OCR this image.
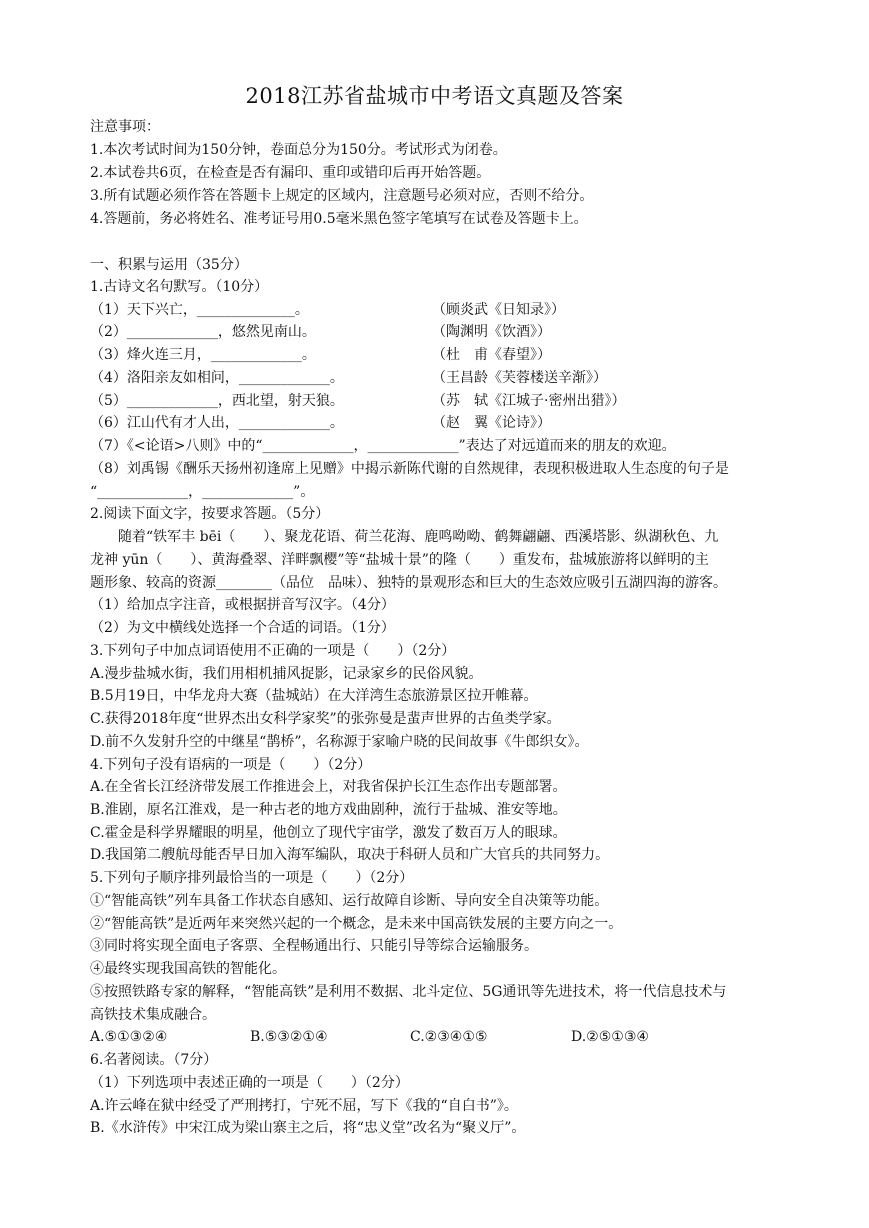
2018江苏省盐城市中考语文真题及答案
注意事项：
1.本次考试时间为150分钟，卷面总分为150分。考试形式为闭卷。
2.本试卷共6页，在检查是否有漏印、重印或错印后再开始答题。
3.所有试题必须作答在答题卡上规定的区域内，注意题号必须对应，否则不给分。
4.答题前，务必将姓名、准考证号用0.5毫米黑色签字笔填写在试卷及答题卡上。
一、积累与运用（35分）
1.古诗文名句默写。（10分）
（1）天下兴亡，______________。	（顾炎武《日知录》）
（2）_____________，悠然见南山。	（陶渊明《饮酒》）
（3）烽火连三月，_____________。	（杜　甫《春望》）
（4）洛阳亲友如相问，_____________。	（王昌龄《芙蓉楼送辛渐》）
（5）_____________，西北望，射天狼。	（苏　轼《江城子·密州出猎》）
（6）江山代有才人出，_____________。	（赵　翼《论诗》）
（7）《<论语>八则》中的“_____________，_____________”表达了对远道而来的朋友的欢迎。
（8）刘禹锡《酬乐天扬州初逢席上见赠》中揭示新陈代谢的自然规律，表现积极进取人生态度的句子是
“_____________，_____________”。
2.阅读下面文字，按要求答题。（5分）
　　随着“铁军丰 bēi（　　）、聚龙花语、荷兰花海、鹿鸣呦呦、鹤舞翩翩、西溪塔影、纵湖秋色、九
龙神 yūn（　　）、黄海叠翠、洋畔飘樱”等“盐城十景”的隆（　　）重发布，盐城旅游将以鲜明的主
题形象、较高的资源________（品位　品味）、独特的景观形态和巨大的生态效应吸引五湖四海的游客。
（1）给加点字注音，或根据拼音写汉字。（4分）
（2）为文中横线处选择一个合适的词语。（1分）
3.下列句子中加点词语使用不正确的一项是（　　）（2分）
A.漫步盐城水街，我们用相机捕风捉影，记录家乡的民俗风貌。
B.5月19日，中华龙舟大赛（盐城站）在大洋湾生态旅游景区拉开帷幕。
C.获得2018年度“世界杰出女科学家奖”的张弥曼是蜚声世界的古鱼类学家。
D.前不久发射升空的中继星“鹊桥”，名称源于家喻户晓的民间故事《牛郎织女》。
4.下列句子没有语病的一项是（　　）（2分）
A.在全省长江经济带发展工作推进会上，对我省保护长江生态作出专题部署。
B.淮剧，原名江淮戏，是一种古老的地方戏曲剧种，流行于盐城、淮安等地。
C.霍金是科学界耀眼的明星，他创立了现代宇宙学，激发了数百万人的眼球。
D.我国第二艘航母能否早日加入海军编队，取决于科研人员和广大官兵的共同努力。
5.下列句子顺序排列最恰当的一项是（　　）（2分）
①“智能高铁”列车具备工作状态自感知、运行故障自诊断、导向安全自决策等功能。
②“智能高铁”是近两年来突然兴起的一个概念，是未来中国高铁发展的主要方向之一。
③同时将实现全面电子客票、全程畅通出行、只能引导等综合运输服务。
④最终实现我国高铁的智能化。
⑤按照铁路专家的解释，“智能高铁”是利用不数据、北斗定位、5G通讯等先进技术，将一代信息技术与
高铁技术集成融合。
A.⑤①③②④	B.⑤③②①④	C.②③④①⑤	D.②⑤①③④
6.名著阅读。（7分）
（1）下列选项中表述正确的一项是（　　）（2分）
A.许云峰在狱中经受了严刑拷打，宁死不屈，写下《我的“自白书”》。
B.《水浒传》中宋江成为梁山寨主之后，将“忠义堂”改名为“聚义厅”。
